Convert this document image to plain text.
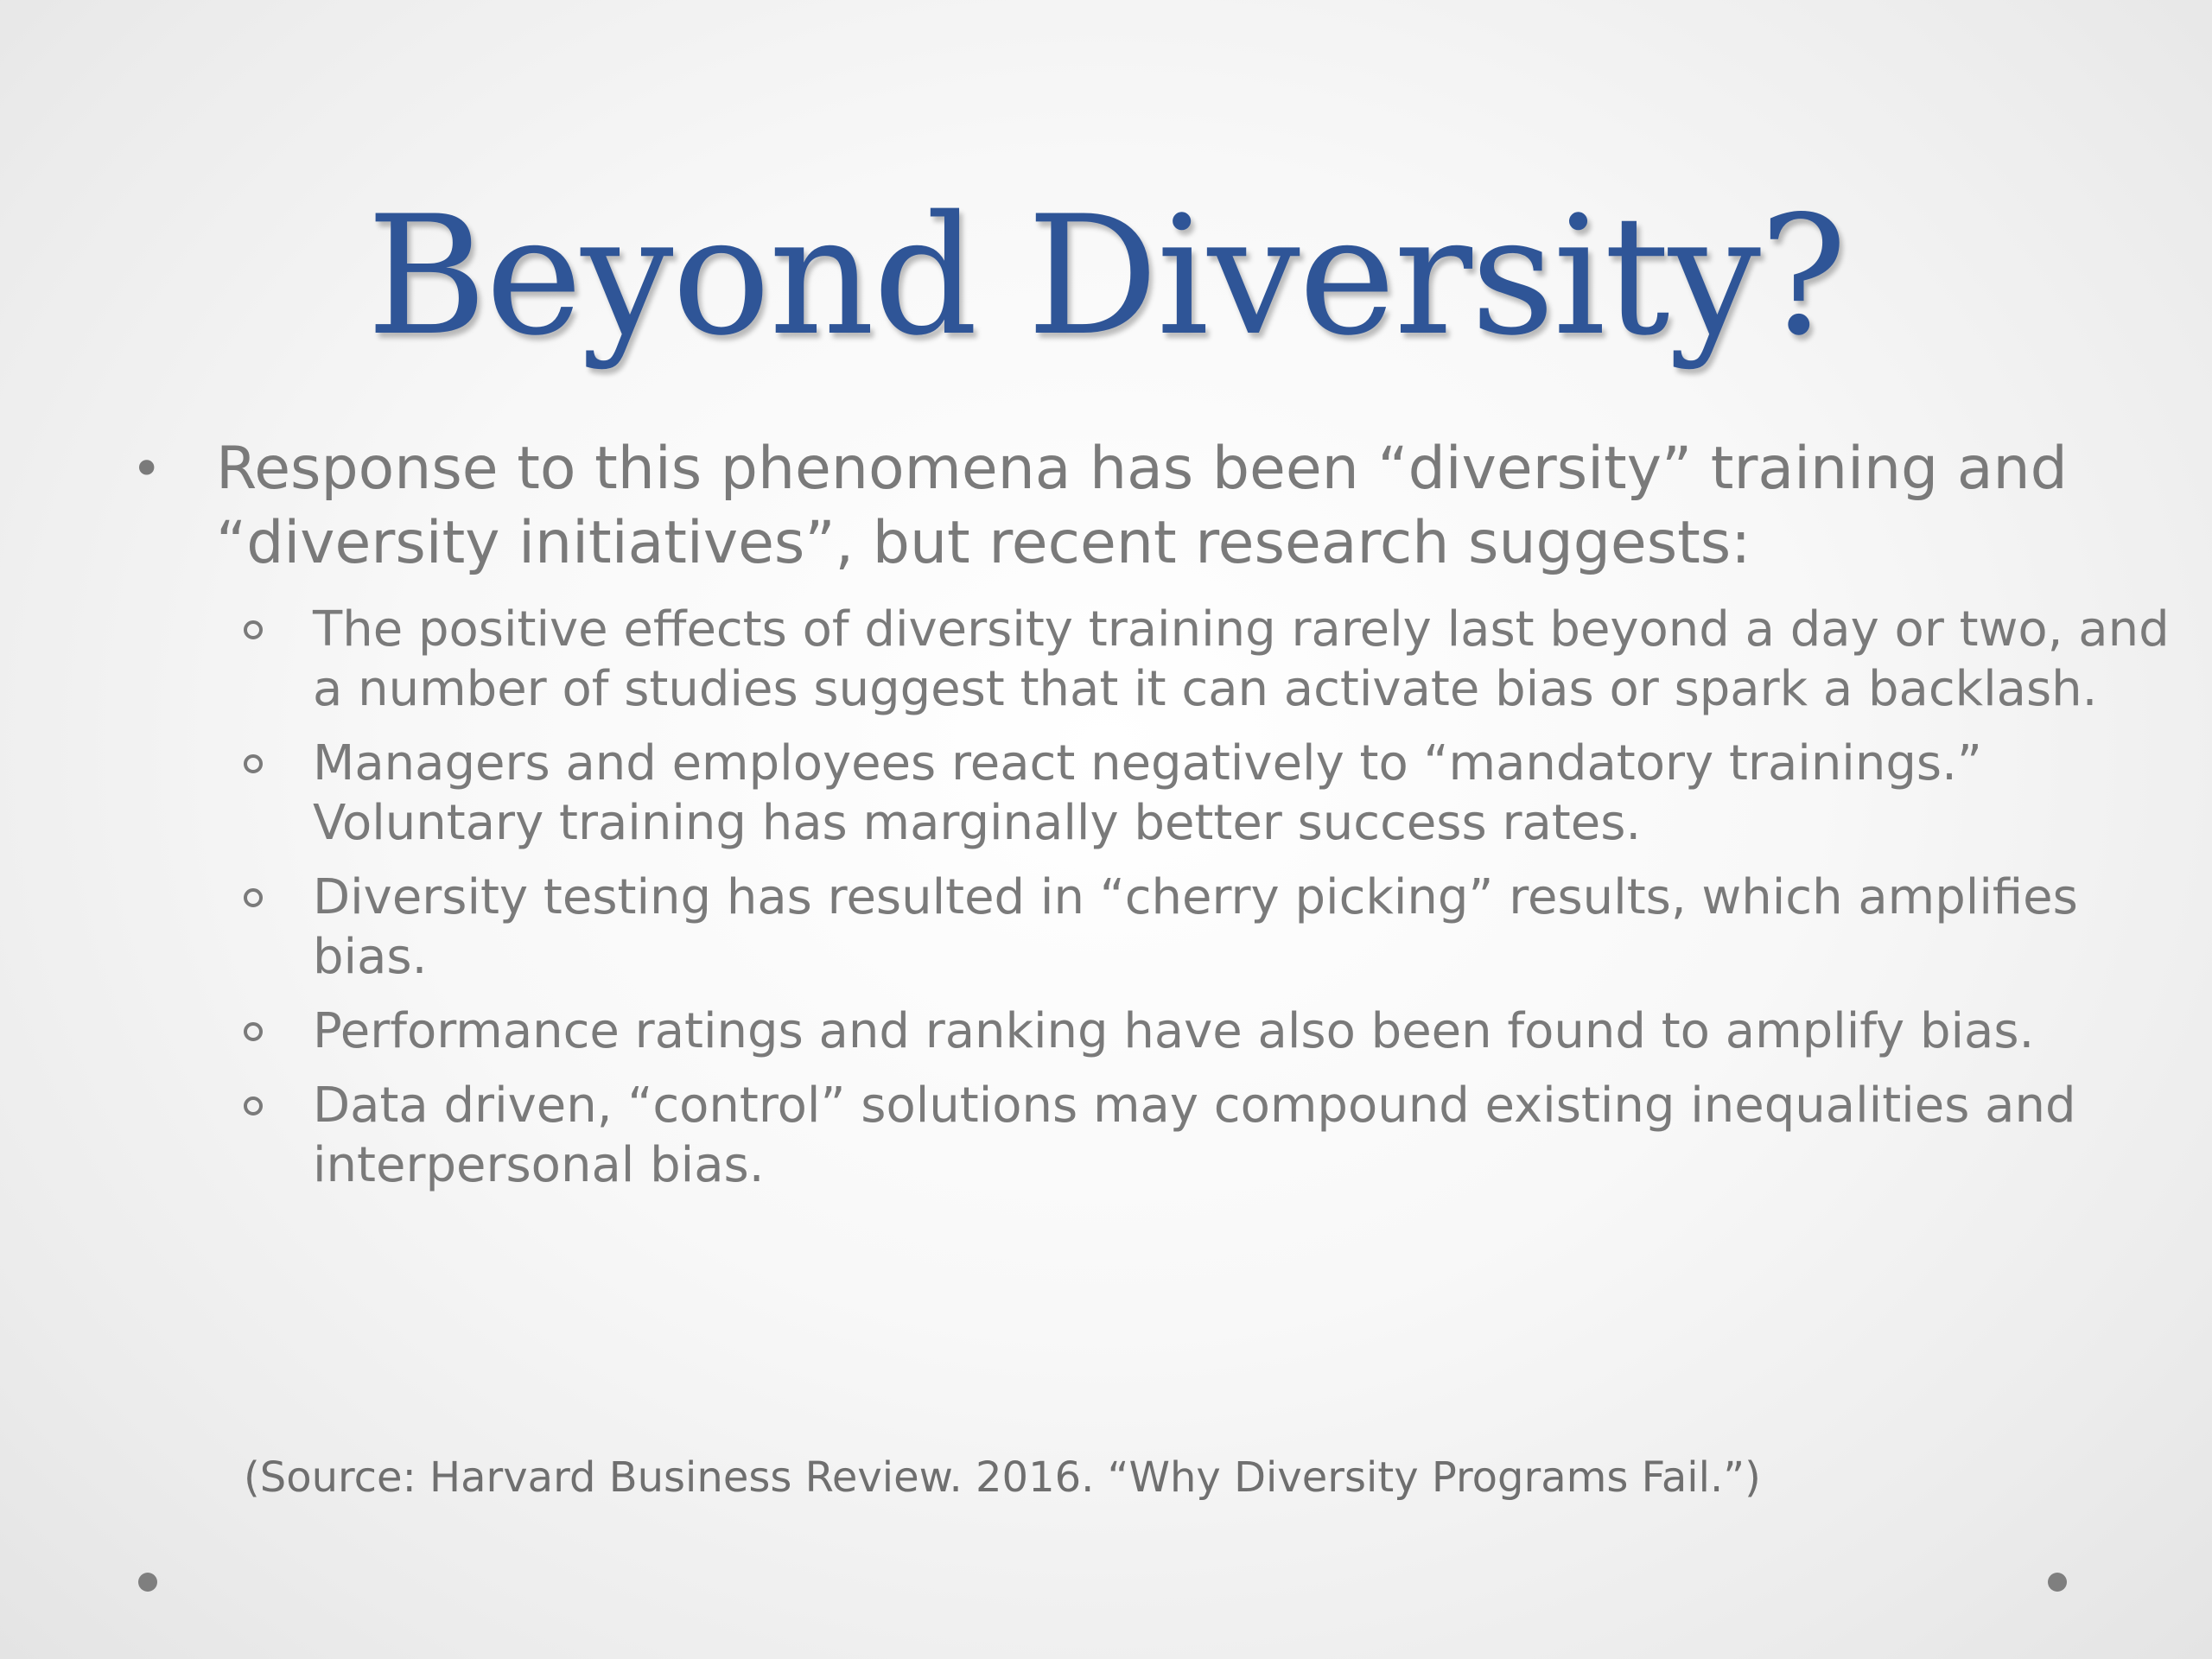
Beyond Diversity?
• Response to this phenomena has been “diversity” training and “diversity initiatives”, but recent research suggests:
The positive effects of diversity training rarely last beyond a day or two, and a number of studies suggest that it can activate bias or spark a backlash.
Managers and employees react negatively to “mandatory trainings.” Voluntary training has marginally better success rates.
Diversity testing has resulted in “cherry picking” results, which amplifies bias.
Performance ratings and ranking have also been found to amplify bias.
Data driven, “control” solutions may compound existing inequalities and interpersonal bias.
(Source: Harvard Business Review. 2016. “Why Diversity Programs Fail.”)
